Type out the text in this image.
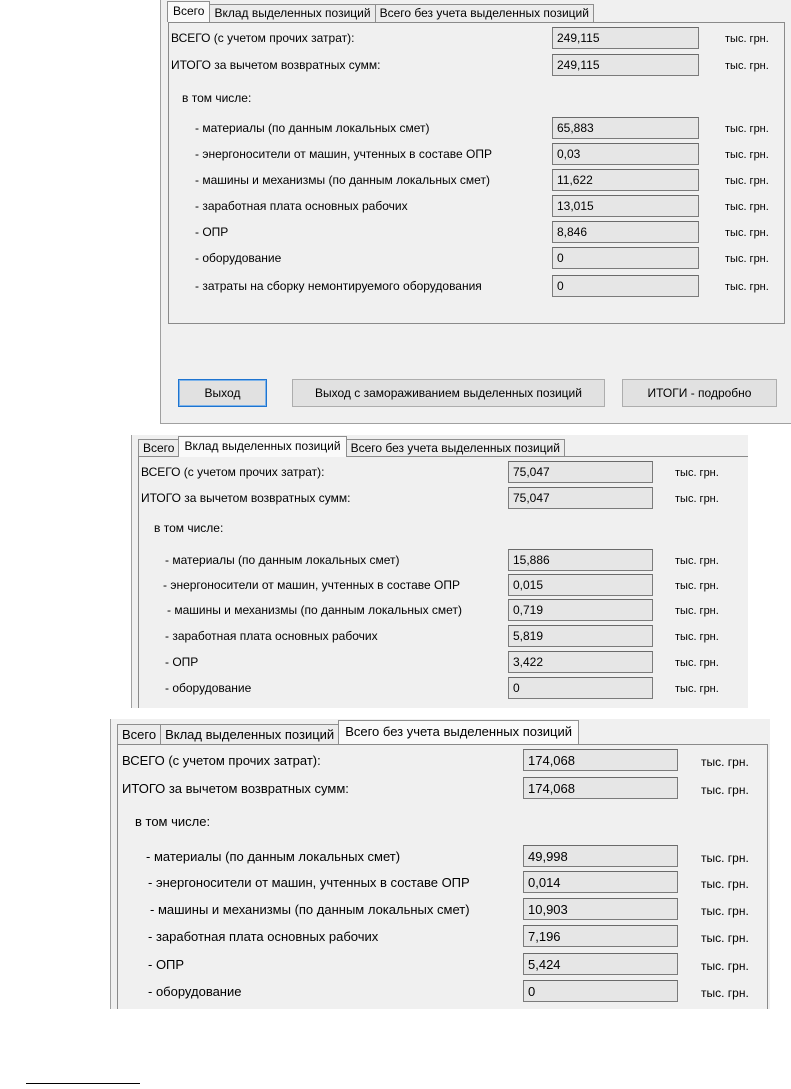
Всего Вклад выделенных позиций Всего без учета выделенных позиций
ВСЕГО (с учетом прочих затрат):	249,115	тыс. грн.
ИТОГО за вычетом возвратных сумм:	249,115	тыс. грн.
в том числе:
- материалы (по данным локальных смет)	65,883	тыс. грн.
- энергоносители от машин, учтенных в составе ОПР	0,03	тыс. грн.
- машины и механизмы (по данным локальных смет)	11,622	тыс. грн.
- заработная плата основных рабочих	13,015	тыс. грн.
- ОПР	8,846	тыс. грн.
- оборудование	0	тыс. грн.
- затраты на сборку немонтируемого оборудования	0	тыс. грн.
Выход	Выход с замораживанием выделенных позиций	ИТОГИ - подробно
Всего Вклад выделенных позиций Всего без учета выделенных позиций
ВСЕГО (с учетом прочих затрат):	75,047	тыс. грн.
ИТОГО за вычетом возвратных сумм:	75,047	тыс. грн.
в том числе:
- материалы (по данным локальных смет)	15,886	тыс. грн.
- энергоносители от машин, учтенных в составе ОПР	0,015	тыс. грн.
- машины и механизмы (по данным локальных смет)	0,719	тыс. грн.
- заработная плата основных рабочих	5,819	тыс. грн.
- ОПР	3,422	тыс. грн.
- оборудование	0	тыс. грн.
Всего Вклад выделенных позиций Всего без учета выделенных позиций
ВСЕГО (с учетом прочих затрат):	174,068	тыс. грн.
ИТОГО за вычетом возвратных сумм:	174,068	тыс. грн.
в том числе:
- материалы (по данным локальных смет)	49,998	тыс. грн.
- энергоносители от машин, учтенных в составе ОПР	0,014	тыс. грн.
- машины и механизмы (по данным локальных смет)	10,903	тыс. грн.
- заработная плата основных рабочих	7,196	тыс. грн.
- ОПР	5,424	тыс. грн.
- оборудование	0	тыс. грн.
